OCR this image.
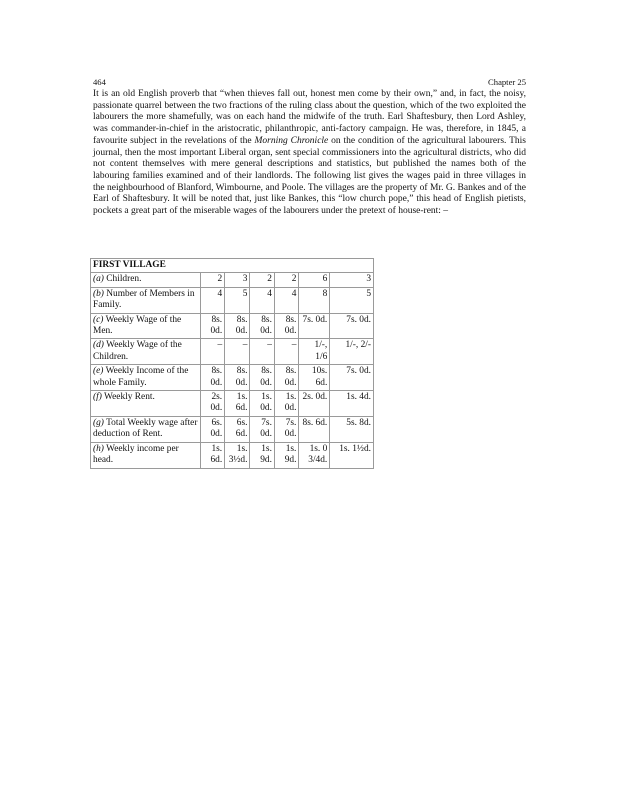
464	Chapter 25

It is an old English proverb that “when thieves fall out, honest men come by their own,” and, in fact, the noisy, passionate quarrel between the two fractions of the ruling class about the question, which of the two exploited the labourers the more shamefully, was on each hand the midwife of the truth. Earl Shaftesbury, then Lord Ashley, was commander-in-chief in the aristocratic, philanthropic, anti-factory campaign. He was, therefore, in 1845, a favourite subject in the revelations of the Morning Chronicle on the condition of the agricultural labourers. This journal, then the most important Liberal organ, sent special commissioners into the agricultural districts, who did not content themselves with mere general descriptions and statistics, but published the names both of the labouring families examined and of their landlords. The following list gives the wages paid in three villages in the neighbourhood of Blanford, Wimbourne, and Poole. The villages are the property of Mr. G. Bankes and of the Earl of Shaftesbury. It will be noted that, just like Bankes, this “low church pope,” this head of English pietists, pockets a great part of the miserable wages of the labourers under the pretext of house-rent: –

FIRST VILLAGE						
(a) Children.	2	3	2	2	6	3
(b) Number of Members in Family.	4	5	4	4	8	5
(c) Weekly Wage of the Men.	8s. 0d.	8s. 0d.	8s. 0d.	8s. 0d.	7s. 0d.	7s. 0d.
(d) Weekly Wage of the Children.	–	–	–	–	1/-, 1/6	1/-, 2/-
(e) Weekly Income of the whole Family.	8s. 0d.	8s. 0d.	8s. 0d.	8s. 0d.	10s. 6d.	7s. 0d.
(f) Weekly Rent.	2s. 0d.	1s. 6d.	1s. 0d.	1s. 0d.	2s. 0d.	1s. 4d.
(g) Total Weekly wage after deduction of Rent.	6s. 0d.	6s. 6d.	7s. 0d.	7s. 0d.	8s. 6d.	5s. 8d.
(h) Weekly income per head.	1s. 6d.	1s. 3½d.	1s. 9d.	1s. 9d.	1s. 0 3/4d.	1s. 1½d.
